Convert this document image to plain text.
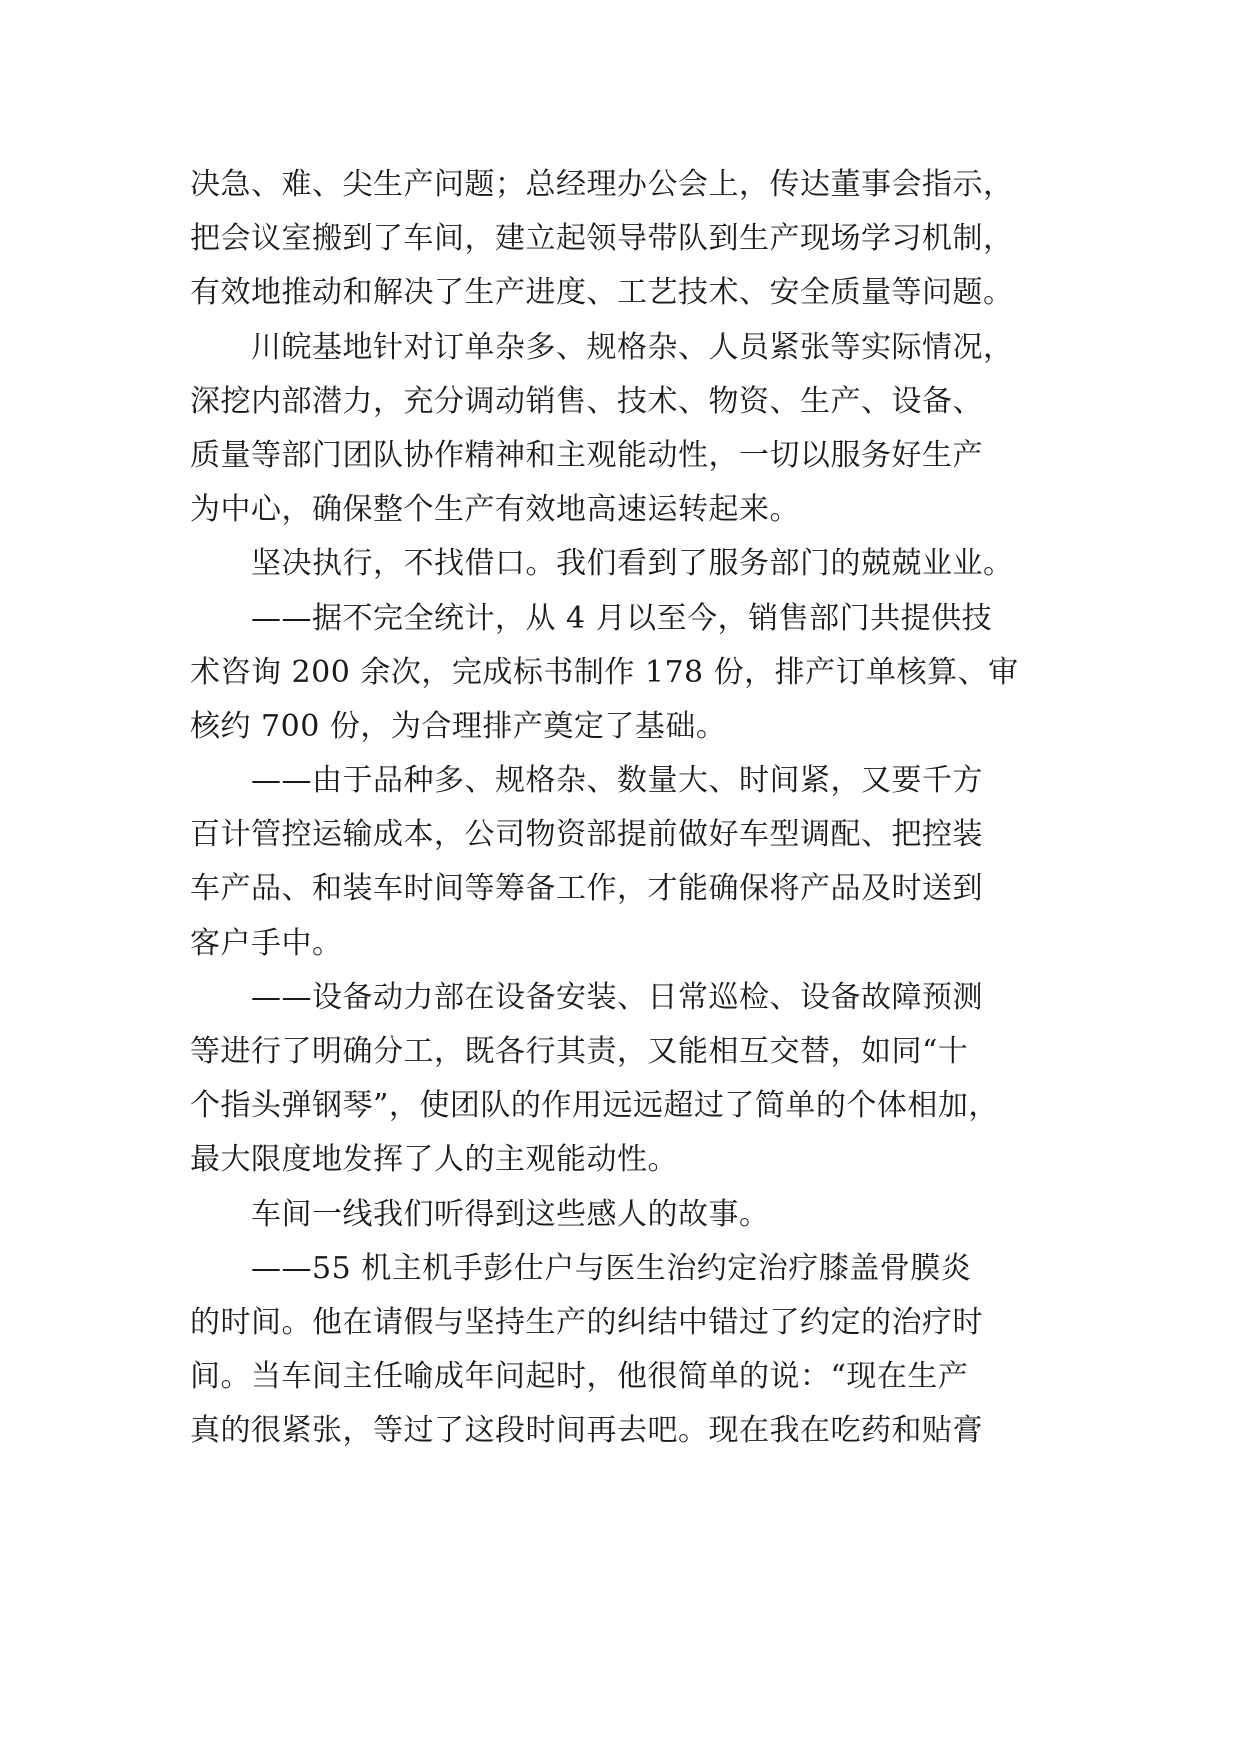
决急、难、尖生产问题；总经理办公会上，传达董事会指示，
把会议室搬到了车间，建立起领导带队到生产现场学习机制，
有效地推动和解决了生产进度、工艺技术、安全质量等问题。
　　川皖基地针对订单杂多、规格杂、人员紧张等实际情况，
深挖内部潜力，充分调动销售、技术、物资、生产、设备、
质量等部门团队协作精神和主观能动性，一切以服务好生产
为中心，确保整个生产有效地高速运转起来。
　　坚决执行，不找借口。我们看到了服务部门的兢兢业业。
　　——据不完全统计，从 4 月以至今，销售部门共提供技
术咨询 200 余次，完成标书制作 178 份，排产订单核算、审
核约 700 份，为合理排产奠定了基础。
　　——由于品种多、规格杂、数量大、时间紧，又要千方
百计管控运输成本，公司物资部提前做好车型调配、把控装
车产品、和装车时间等筹备工作，才能确保将产品及时送到
客户手中。
　　——设备动力部在设备安装、日常巡检、设备故障预测
等进行了明确分工，既各行其责，又能相互交替，如同“十
个指头弹钢琴”，使团队的作用远远超过了简单的个体相加，
最大限度地发挥了人的主观能动性。
　　车间一线我们听得到这些感人的故事。
　　——55 机主机手彭仕户与医生治约定治疗膝盖骨膜炎
的时间。他在请假与坚持生产的纠结中错过了约定的治疗时
间。当车间主任喻成年问起时，他很简单的说：“现在生产
真的很紧张，等过了这段时间再去吧。现在我在吃药和贴膏
